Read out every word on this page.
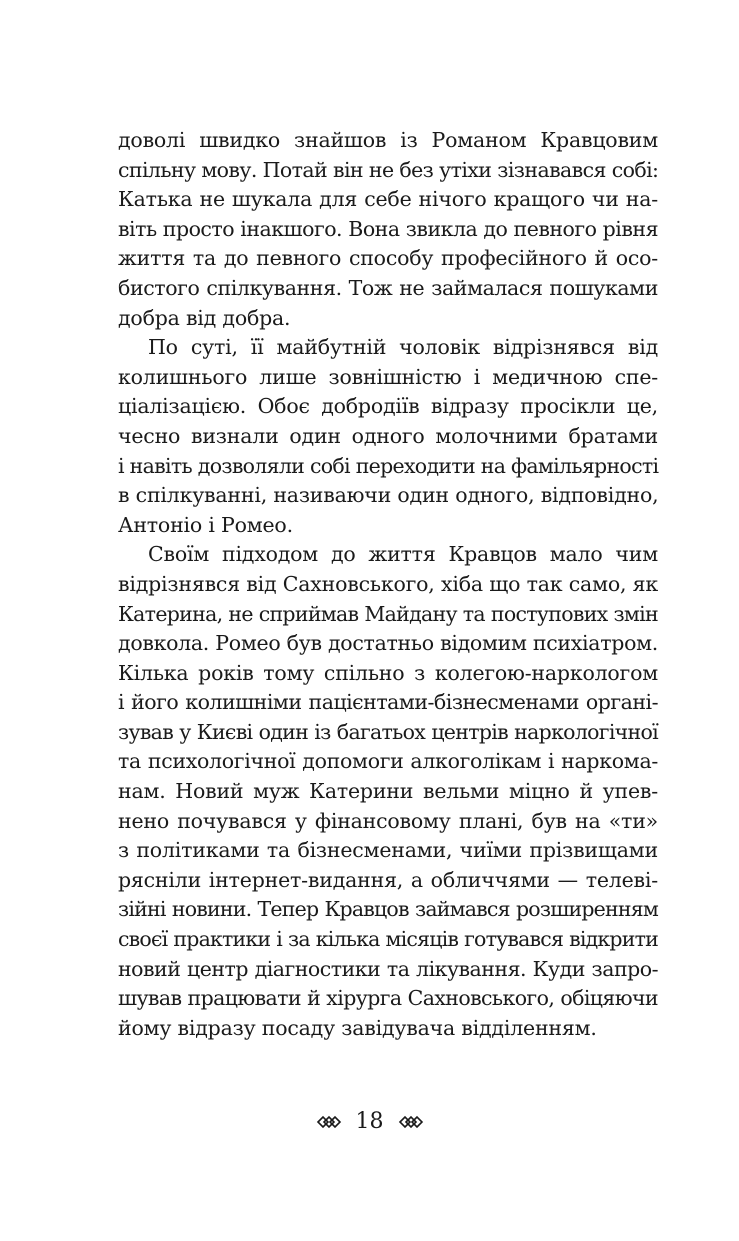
доволі швидко знайшов із Романом Кравцовим
спільну мову. Потай він не без утіхи зізнавався собі:
Катька не шукала для себе нічого кращого чи на-
віть просто інакшого. Вона звикла до певного рівня
життя та до певного способу професійного й осо-
бистого спілкування. Тож не займалася пошуками
добра від добра.
По суті, її майбутній чоловік відрізнявся від
колишнього лише зовнішністю і медичною спе-
ціалізацією. Обоє добродіїв відразу просікли це,
чесно визнали один одного молочними братами
і навіть дозволяли собі переходити на фамільярності
в спілкуванні, називаючи один одного, відповідно,
Антоніо і Ромео.
Своїм підходом до життя Кравцов мало чим
відрізнявся від Сахновського, хіба що так само, як
Катерина, не сприймав Майдану та поступових змін
довкола. Ромео був достатньо відомим психіатром.
Кілька років тому спільно з колегою-наркологом
і його колишніми пацієнтами-бізнесменами органі-
зував у Києві один із багатьох центрів наркологічної
та психологічної допомоги алкоголікам і наркома-
нам. Новий муж Катерини вельми міцно й упев-
нено почувався у фінансовому плані, був на «ти»
з політиками та бізнесменами, чиїми прізвищами
рясніли інтернет-видання, а обличчями — телеві-
зійні новини. Тепер Кравцов займався розширенням
своєї практики і за кілька місяців готувався відкрити
новий центр діагностики та лікування. Куди запро-
шував працювати й хірурга Сахновського, обіцяючи
йому відразу посаду завідувача відділенням.
18
